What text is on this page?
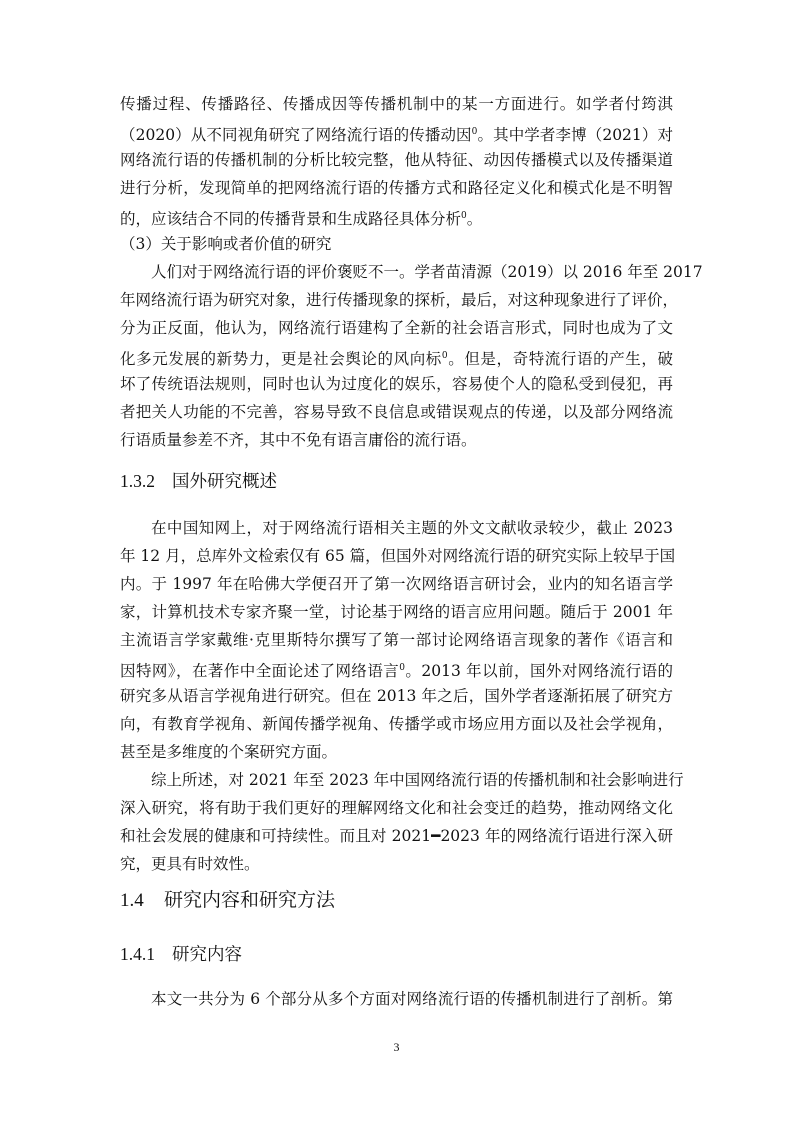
传播过程、传播路径、传播成因等传播机制中的某一方面进行。如学者付筠淇
（2020）从不同视角研究了网络流行语的传播动因$^0$。其中学者李博（2021）对
网络流行语的传播机制的分析比较完整，他从特征、动因传播模式以及传播渠道
进行分析，发现简单的把网络流行语的传播方式和路径定义化和模式化是不明智
的，应该结合不同的传播背景和生成路径具体分析$^0$。
（3）关于影响或者价值的研究
人们对于网络流行语的评价褒贬不一。学者苗清源（2019）以 2016 年至 2017
年网络流行语为研究对象，进行传播现象的探析，最后，对这种现象进行了评价，
分为正反面，他认为，网络流行语建构了全新的社会语言形式，同时也成为了文
化多元发展的新势力，更是社会舆论的风向标$^0$。但是，奇特流行语的产生，破
坏了传统语法规则，同时也认为过度化的娱乐，容易使个人的隐私受到侵犯，再
者把关人功能的不完善，容易导致不良信息或错误观点的传递，以及部分网络流
行语质量参差不齐，其中不免有语言庸俗的流行语。
1.3.2 国外研究概述
在中国知网上，对于网络流行语相关主题的外文文献收录较少，截止 2023
年 12 月，总库外文检索仅有 65 篇，但国外对网络流行语的研究实际上较早于国
内。于 1997 年在哈佛大学便召开了第一次网络语言研讨会，业内的知名语言学
家，计算机技术专家齐聚一堂，讨论基于网络的语言应用问题。随后于 2001 年
主流语言学家戴维·克里斯特尔撰写了第一部讨论网络语言现象的著作《语言和
因特网》，在著作中全面论述了网络语言$^0$。2013 年以前，国外对网络流行语的
研究多从语言学视角进行研究。但在 2013 年之后，国外学者逐渐拓展了研究方
向，有教育学视角、新闻传播学视角、传播学或市场应用方面以及社会学视角，
甚至是多维度的个案研究方面。
综上所述，对 2021 年至 2023 年中国网络流行语的传播机制和社会影响进行
深入研究，将有助于我们更好的理解网络文化和社会变迁的趋势，推动网络文化
和社会发展的健康和可持续性。而且对 2021━2023 年的网络流行语进行深入研
究，更具有时效性。
1.4 研究内容和研究方法
1.4.1 研究内容
本文一共分为 6 个部分从多个方面对网络流行语的传播机制进行了剖析。第
3
